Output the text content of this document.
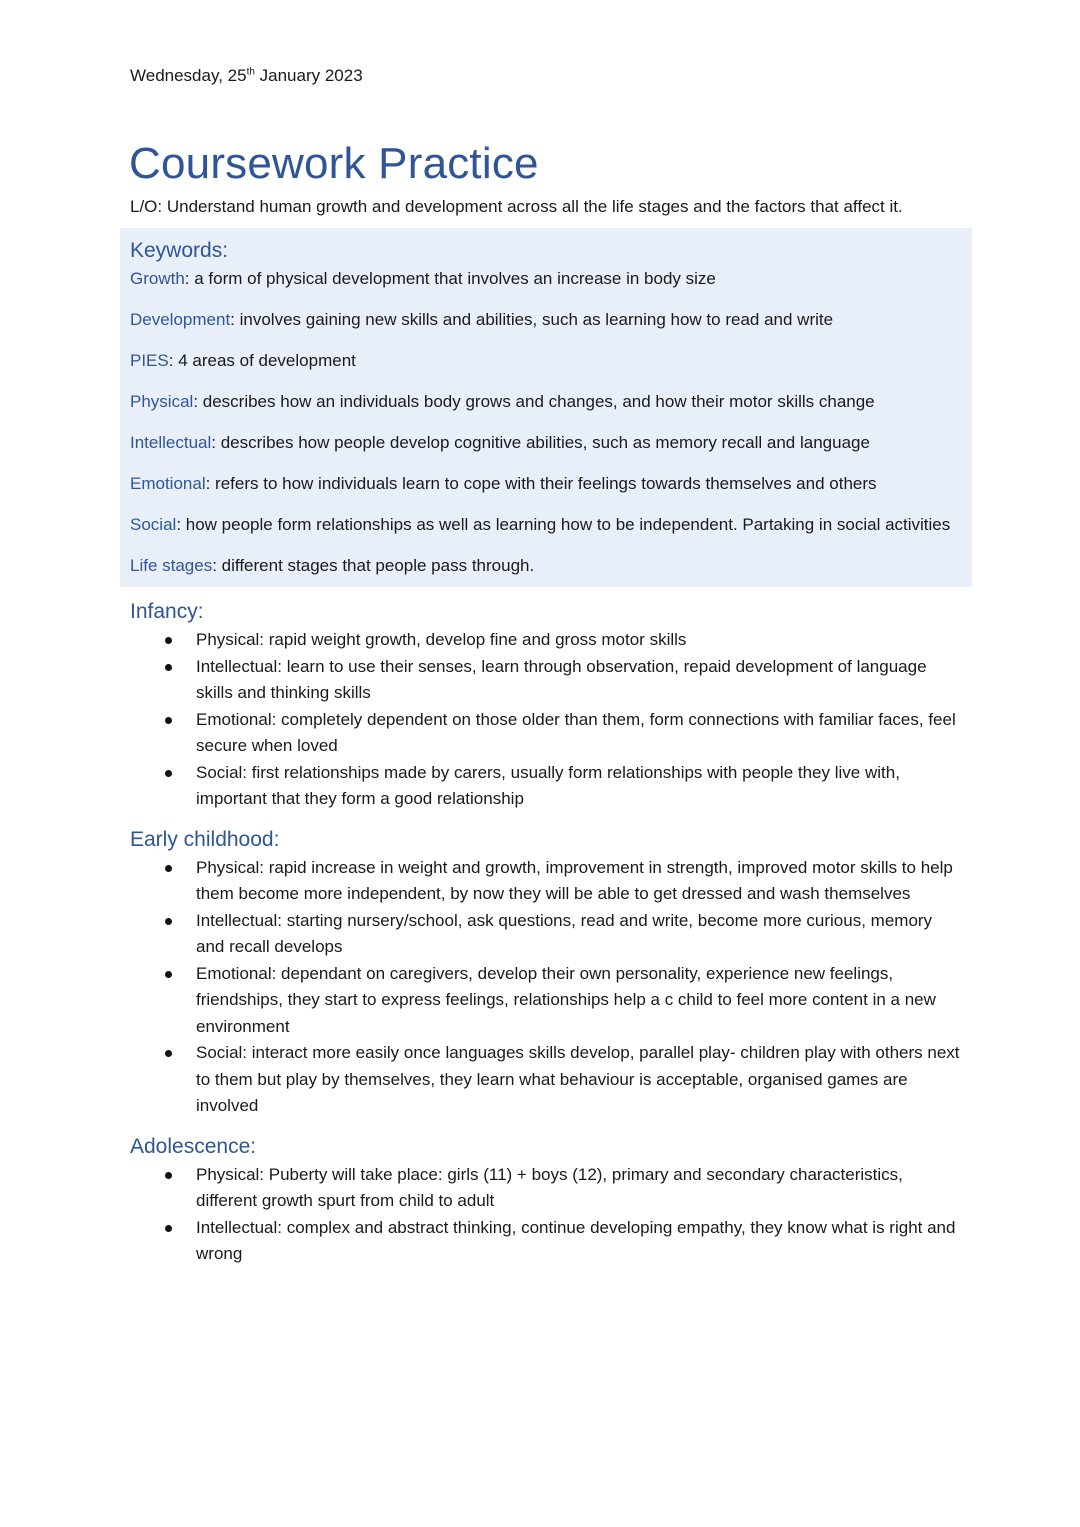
Wednesday, 25th January 2023

Coursework Practice

L/O: Understand human growth and development across all the life stages and the factors that affect it.

Keywords:

Growth: a form of physical development that involves an increase in body size

Development: involves gaining new skills and abilities, such as learning how to read and write

PIES: 4 areas of development

Physical: describes how an individuals body grows and changes, and how their motor skills change

Intellectual: describes how people develop cognitive abilities, such as memory recall and language

Emotional: refers to how individuals learn to cope with their feelings towards themselves and others

Social: how people form relationships as well as learning how to be independent. Partaking in social activities

Life stages: different stages that people pass through.

Infancy:
Physical: rapid weight growth, develop fine and gross motor skills
Intellectual: learn to use their senses, learn through observation, repaid development of language skills and thinking skills
Emotional: completely dependent on those older than them, form connections with familiar faces, feel secure when loved
Social: first relationships made by carers, usually form relationships with people they live with, important that they form a good relationship
Early childhood:
Physical: rapid increase in weight and growth, improvement in strength, improved motor skills to help them become more independent, by now they will be able to get dressed and wash themselves
Intellectual: starting nursery/school, ask questions, read and write, become more curious, memory and recall develops
Emotional: dependant on caregivers, develop their own personality, experience new feelings, friendships, they start to express feelings, relationships help a c child to feel more content in a new environment
Social: interact more easily once languages skills develop, parallel play- children play with others next to them but play by themselves, they learn what behaviour is acceptable, organised games are involved
Adolescence:
Physical: Puberty will take place: girls (11) + boys (12), primary and secondary characteristics, different growth spurt from child to adult
Intellectual: complex and abstract thinking, continue developing empathy, they know what is right and wrong
